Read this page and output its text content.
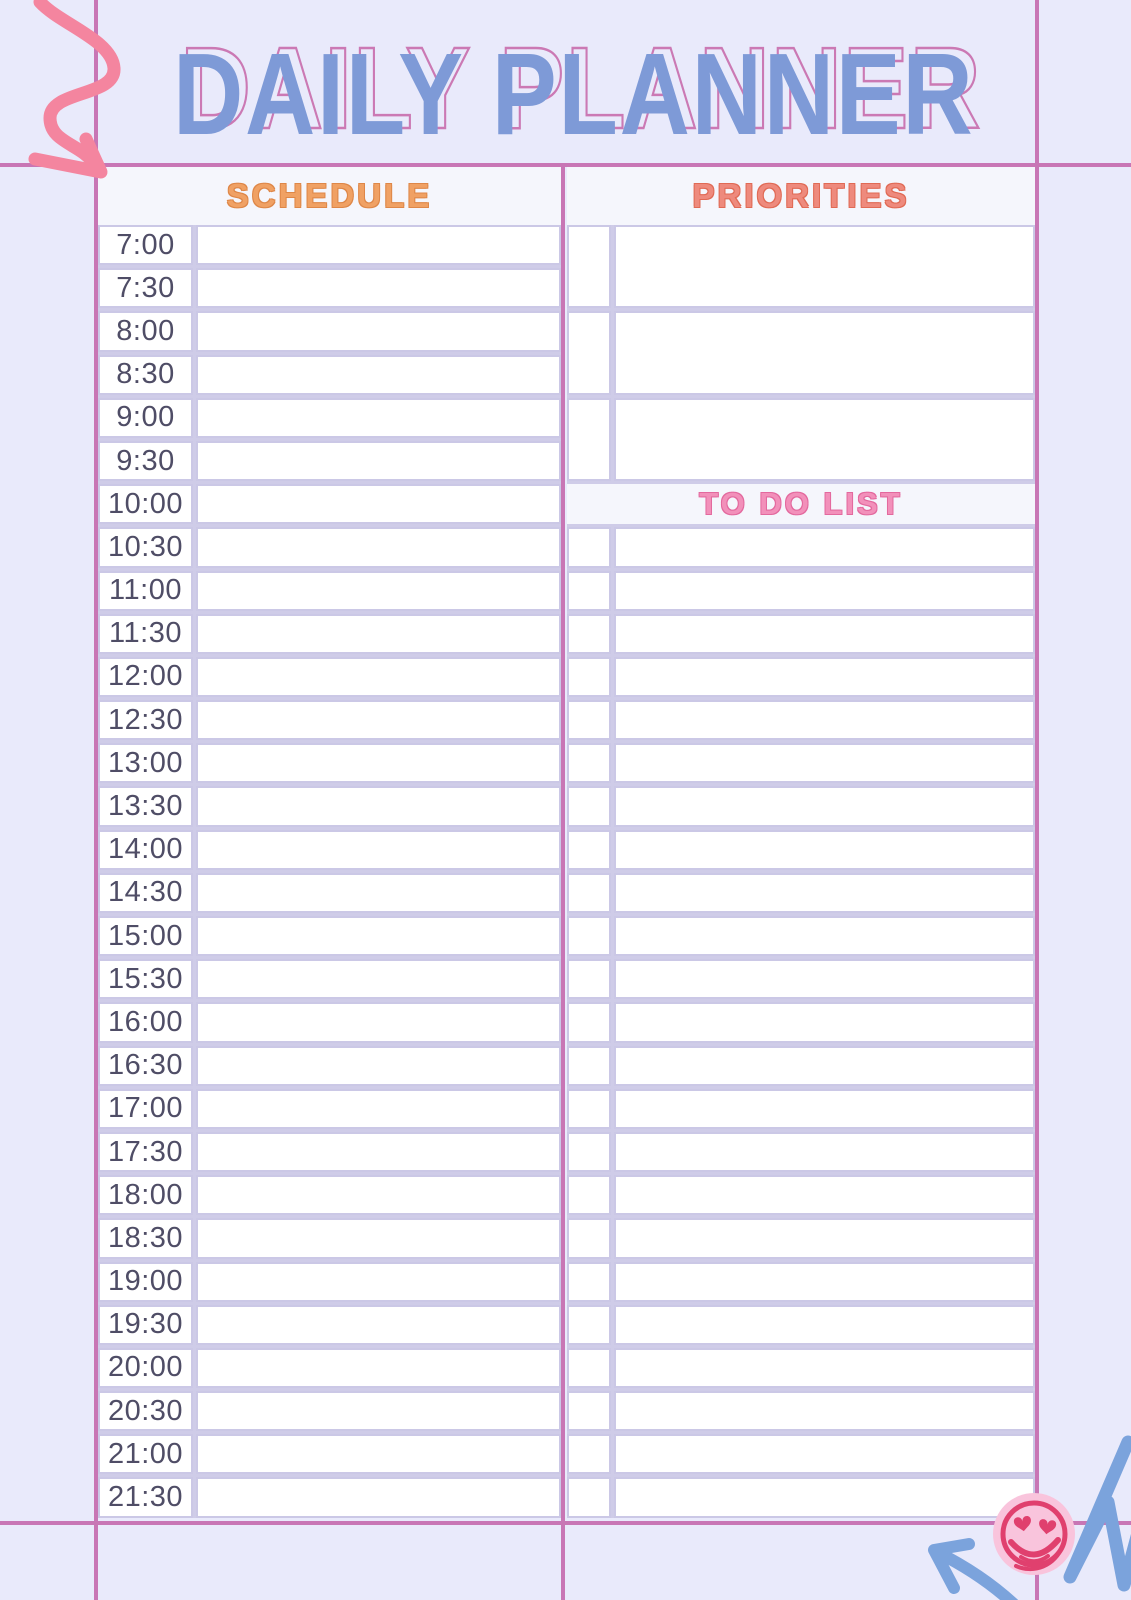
DAILY PLANNER DAILY PLANNER
SCHEDULE	PRIORITIES
7:00
7:30
8:00
8:30
9:00
9:30
10:00
10:30
11:00
11:30
12:00
12:30
13:00
13:30
14:00
14:30
15:00
15:30
16:00
16:30
17:00
17:30
18:00
18:30
19:00
19:30
20:00
20:30
21:00
21:30
TO DO LIST
